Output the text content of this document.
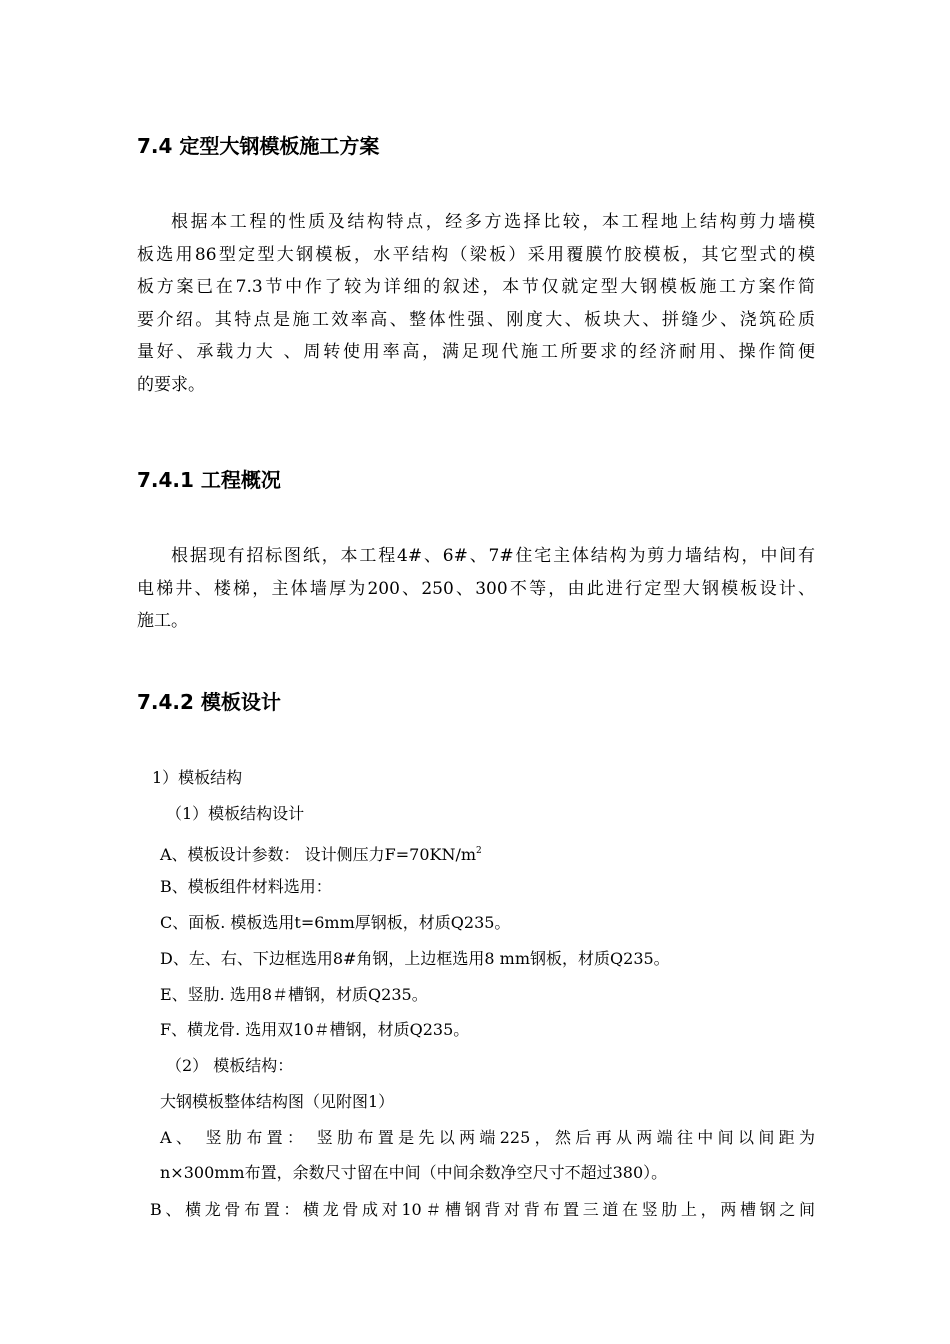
7.4 定型大钢模板施工方案
根据本工程的性质及结构特点，经多方选择比较，本工程地上结构剪力墙模
板选用86型定型大钢模板，水平结构（梁板）采用覆膜竹胶模板，其它型式的模
板方案已在7.3节中作了较为详细的叙述，本节仅就定型大钢模板施工方案作简
要介绍。其特点是施工效率高、整体性强、刚度大、板块大、拼缝少、浇筑砼质
量好、承载力大 、周转使用率高，满足现代施工所要求的经济耐用、操作简便
的要求。
7.4.1 工程概况
根据现有招标图纸，本工程4#、6#、7#住宅主体结构为剪力墙结构，中间有
电梯井、楼梯，主体墙厚为200、250、300不等，由此进行定型大钢模板设计、
施工。
7.4.2 模板设计
1）模板结构
（1）模板结构设计
A、模板设计参数： 设计侧压力$F=70KN/m^2$
B、模板组件材料选用：
C、面板. 模板选用t=6mm厚钢板，材质Q235。
D、左、右、下边框选用8#角钢，上边框选用8 mm钢板，材质Q235。
E、竖肋. 选用8＃槽钢，材质Q235。
F、横龙骨. 选用双10＃槽钢，材质Q235。
（2） 模板结构：
大钢模板整体结构图（见附图1）
A、 竖肋布置： 竖肋布置是先以两端225，然后再从两端往中间以间距为
n×300mm布置，余数尺寸留在中间（中间余数净空尺寸不超过380）。
B、横龙骨布置：横龙骨成对10＃槽钢背对背布置三道在竖肋上，两槽钢之间
